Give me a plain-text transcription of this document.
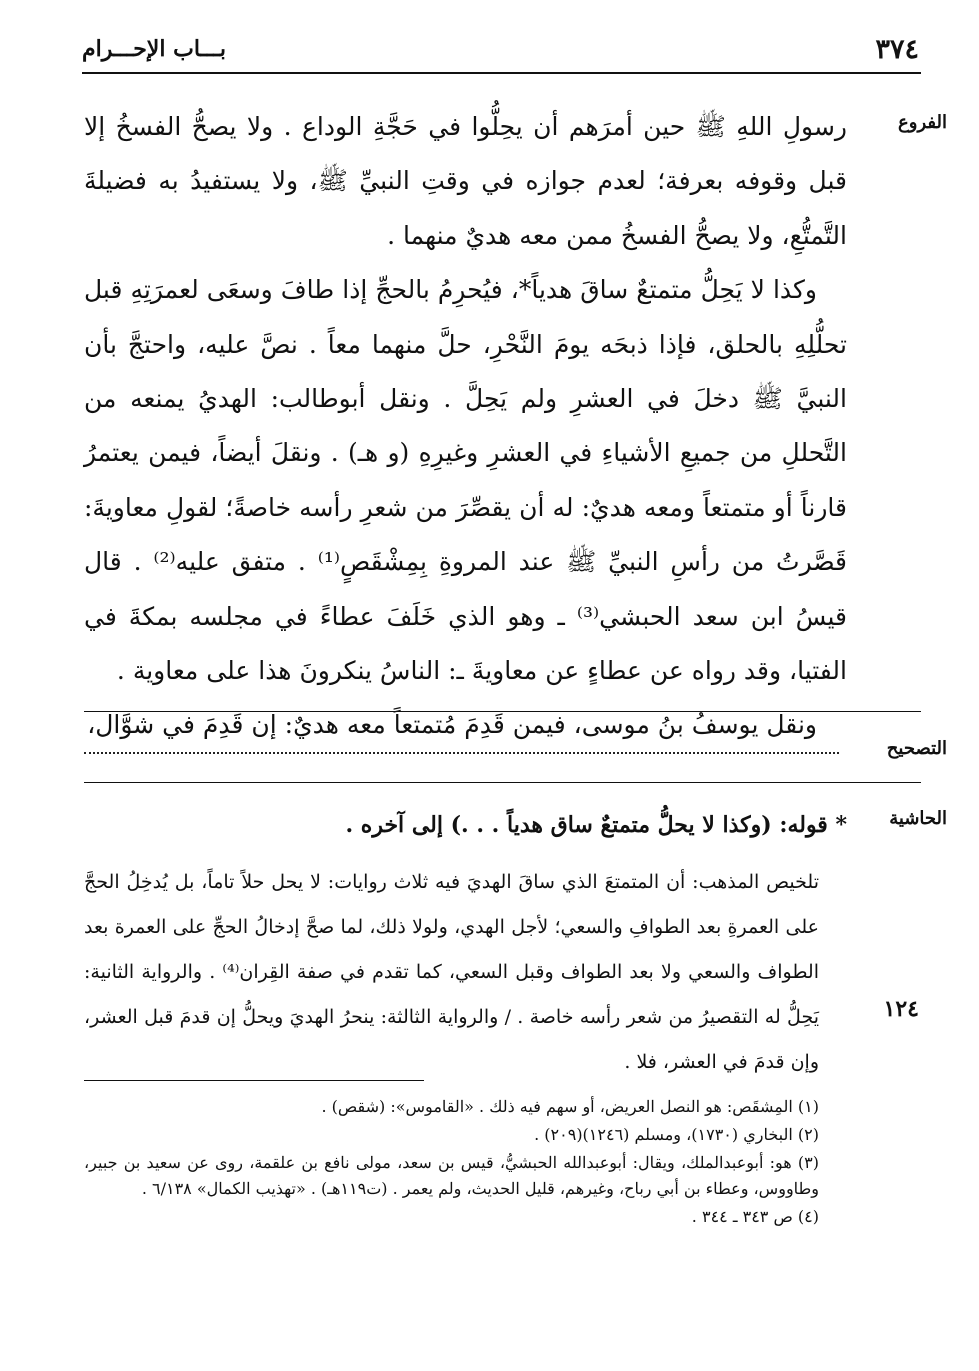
٣٧٤
بـــاب الإحـــرام
الفروع

رسولِ اللهِ ﷺ حين أمرَهم أن يحِلُّوا في حَجَّةِ الوداع . ولا يصحُّ الفسخُ إلا قبل وقوفه بعرفة؛ لعدم جوازه في وقتِ النبيِّ ﷺ، ولا يستفيدُ به فضيلةَ التَّمتُّعِ، ولا يصحُّ الفسخُ ممن معه هديٌ منهما .

وكذا لا يَحِلُّ متمتعٌ ساقَ هدياً*، فيُحرِمُ بالحجِّ إذا طافَ وسعَى لعمرَتِهِ قبل تحلُّلِهِ بالحلق، فإذا ذبحَه يومَ النَّحْرِ، حلَّ منهما معاً . نصَّ عليه، واحتجَّ بأن النبيَّ ﷺ دخلَ في العشرِ ولم يَحِلَّ . ونقل أبوطالب: الهديُ يمنعه من التَّحللِ من جميعِ الأشياءِ في العشرِ وغيرِهِ (و هـ) . ونقلَ أيضاً، فيمن يعتمرُ قارناً أو متمتعاً ومعه هديٌ: له أن يقصِّرَ من شعرِ رأسه خاصةً؛ لقولِ معاويةَ: قَصَّرتُ من رأسِ النبيِّ ﷺ عند المروةِ بِمِشْقَصٍ⁽¹⁾ . متفق عليه⁽²⁾ . قال قيسُ ابن سعد الحبشي⁽³⁾ ـ وهو الذي خَلَفَ عطاءً في مجلسه بمكةَ في الفتيا، وقد رواه عن عطاءٍ عن معاويةَ ـ: الناسُ ينكرونَ هذا على معاوية .

ونقل يوسفُ بنُ موسى، فيمن قَدِمَ مُتمتعاً معه هديٌ: إن قَدِمَ في شوَّال،

التصحيح
الحاشية
* قوله: (وكذا لا يحلُّ متمتعٌ ساق هدياً . . .) إلى آخره .

تلخيص المذهب: أن المتمتعَ الذي ساقَ الهديَ فيه ثلاث روايات: لا يحل حلاً تاماً، بل يُدخِلُ الحجَّ على العمرةِ بعد الطوافِ والسعي؛ لأجل الهدي، ولولا ذلك، لما صحَّ إدخالُ الحجِّ على العمرة بعد الطواف والسعي ولا بعد الطواف وقبل السعي، كما تقدم في صفة القِران⁽⁴⁾ . والرواية الثانية: يَحِلُّ له التقصيرُ من شعر رأسه خاصة . / والرواية الثالثة: ينحرُ الهديَ ويحلُّ إن قدمَ قبل العشر، وإن قدمَ في العشر، فلا .

١٢٤

(١) المِشقَص: هو النصل العريض، أو سهم فيه ذلك . «القاموس»: (شقص) .

(٢) البخاري (١٧٣٠)، ومسلم (١٢٤٦)(٢٠٩) .

(٣) هو: أبوعبدالملك، ويقال: أبوعبدالله الحبشيُّ، قيس بن سعد، مولى نافع بن علقمة، روى عن سعيد بن جبير، وطاووس، وعطاء بن أبي رباح، وغيرهم، قليل الحديث، ولم يعمر . (ت١١٩هـ) . «تهذيب الكمال» ٦/١٣٨ .

(٤) ص ٣٤٣ ـ ٣٤٤ .
